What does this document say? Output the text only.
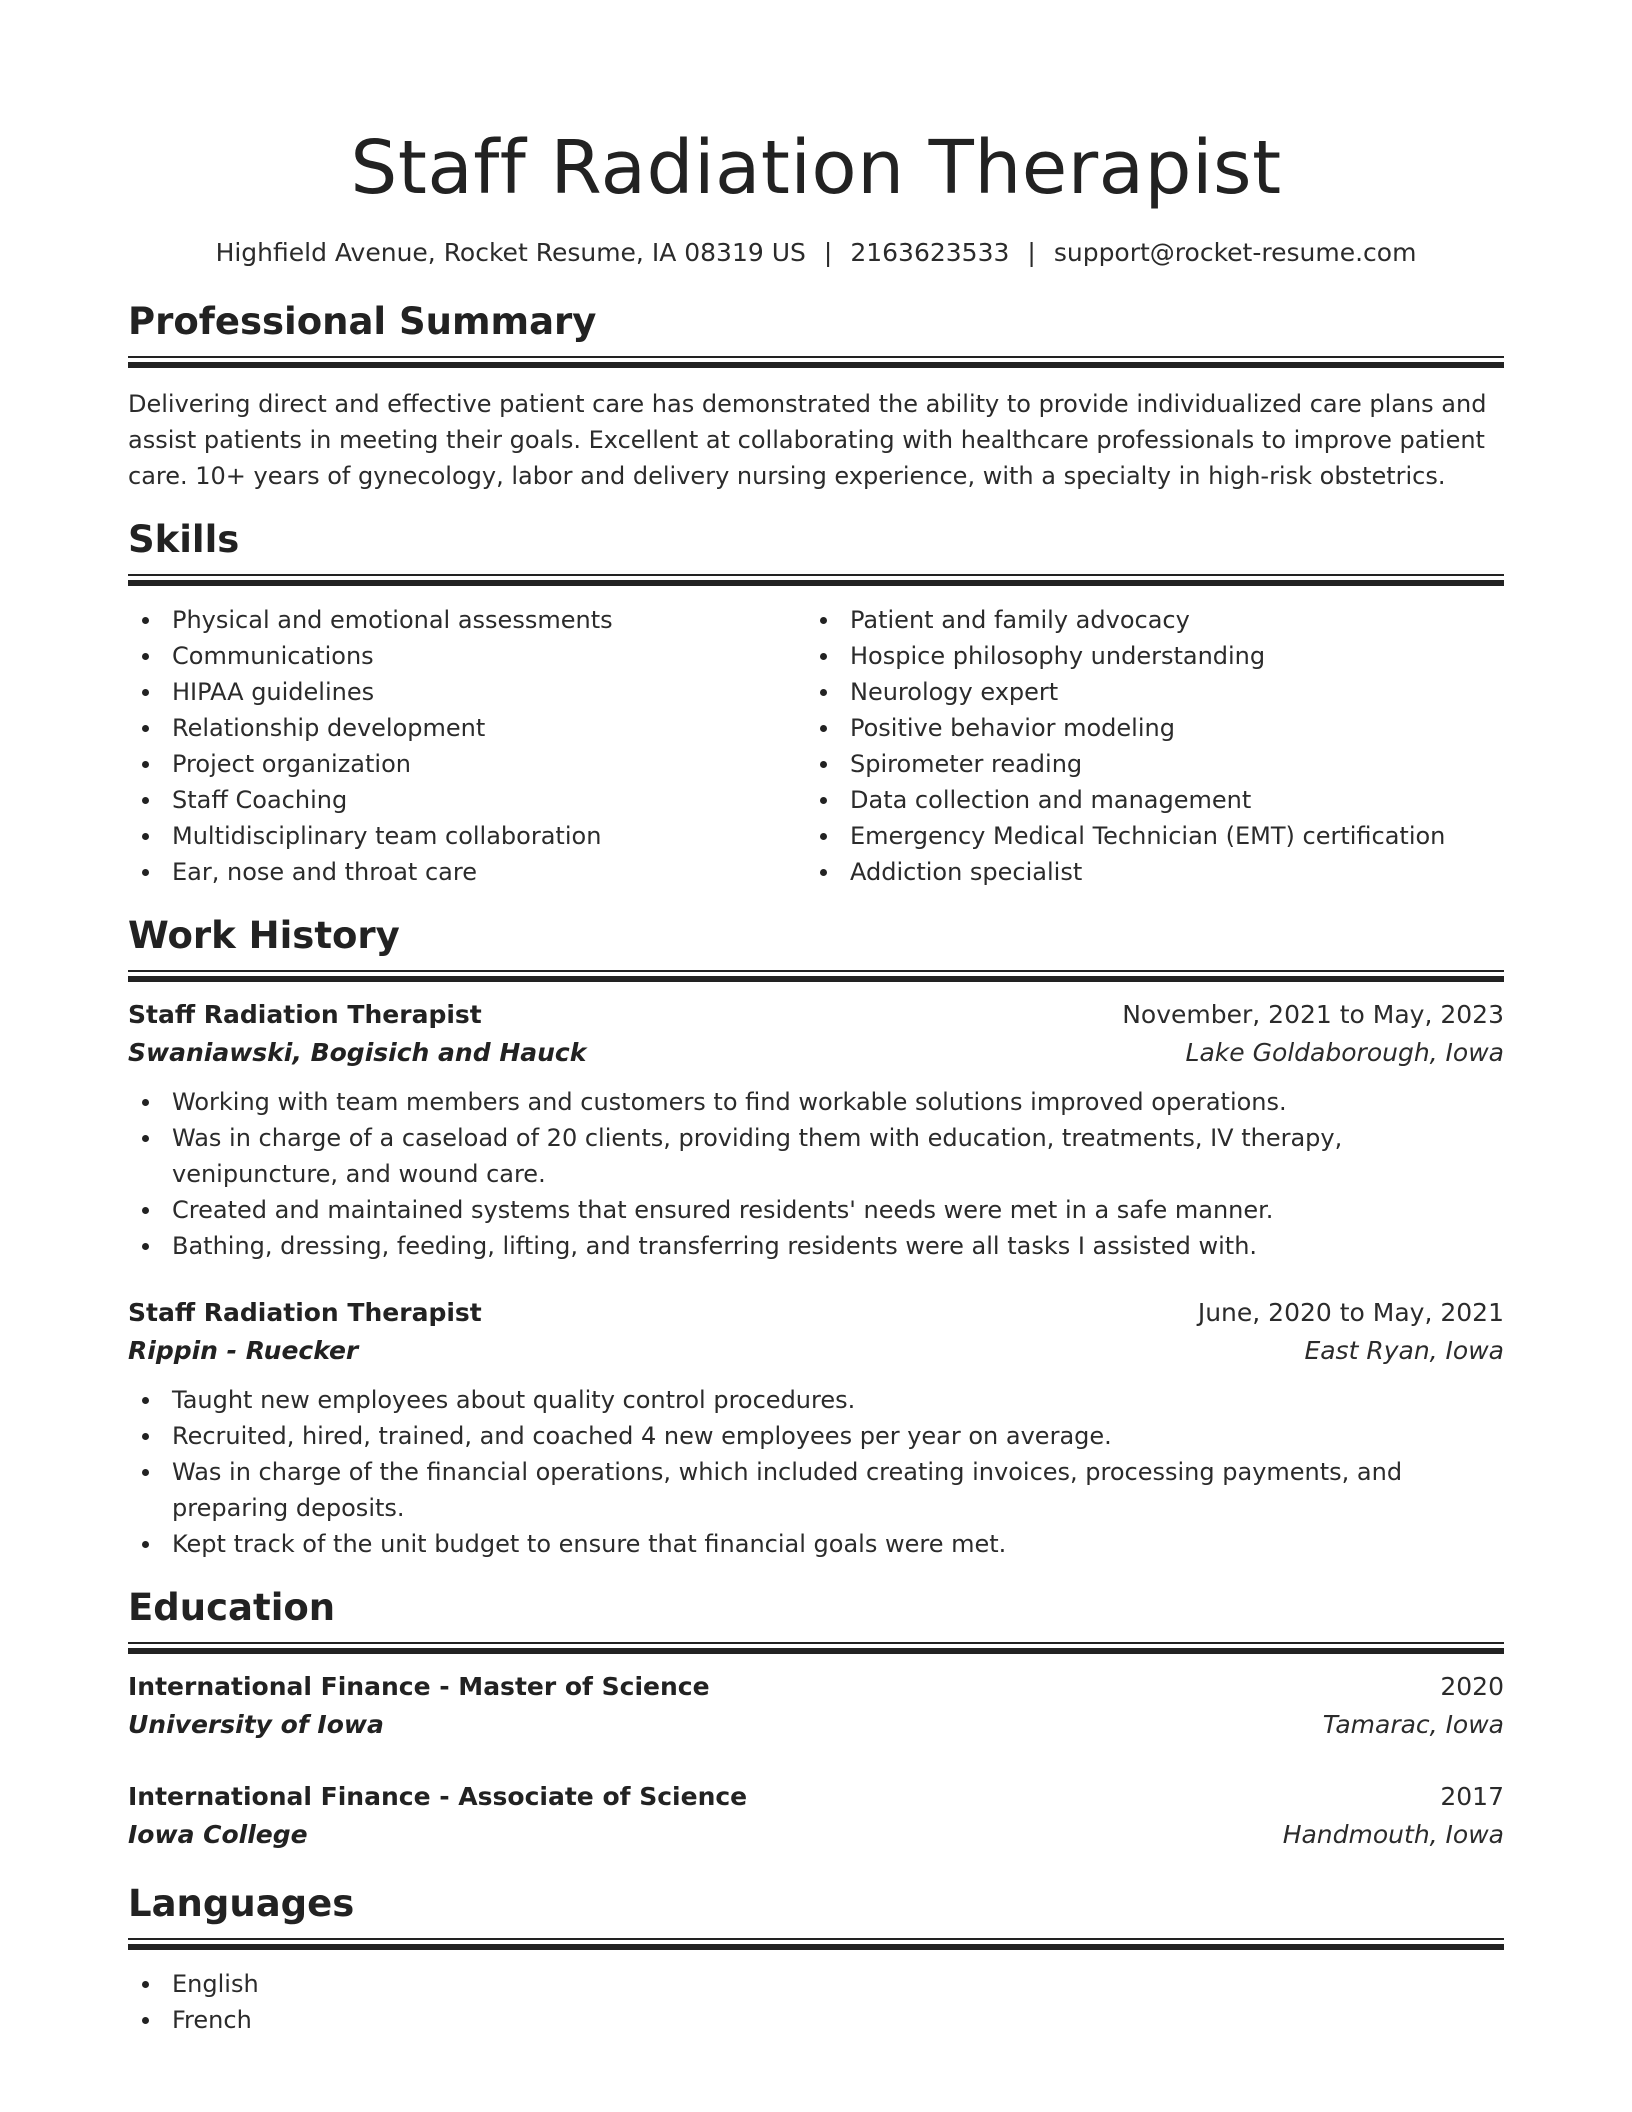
Staff Radiation Therapist
Highfield Avenue, Rocket Resume, IA 08319 US | 2163623533 | support@rocket-resume.com
Professional Summary

Delivering direct and effective patient care has demonstrated the ability to provide individualized care plans and assist patients in meeting their goals. Excellent at collaborating with healthcare professionals to improve patient care. 10+ years of gynecology, labor and delivery nursing experience, with a specialty in high-risk obstetrics.

Skills
Physical and emotional assessments
Communications
HIPAA guidelines
Relationship development
Project organization
Staff Coaching
Multidisciplinary team collaboration
Ear, nose and throat care
Patient and family advocacy
Hospice philosophy understanding
Neurology expert
Positive behavior modeling
Spirometer reading
Data collection and management
Emergency Medical Technician (EMT) certification
Addiction specialist
Work History
Staff Radiation Therapist	November, 2021 to May, 2023
Swaniawski, Bogisich and Hauck	Lake Goldaborough, Iowa
Working with team members and customers to find workable solutions improved operations.
Was in charge of a caseload of 20 clients, providing them with education, treatments, IV therapy, venipuncture, and wound care.
Created and maintained systems that ensured residents' needs were met in a safe manner.
Bathing, dressing, feeding, lifting, and transferring residents were all tasks I assisted with.
Staff Radiation Therapist	June, 2020 to May, 2021
Rippin - Ruecker	East Ryan, Iowa
Taught new employees about quality control procedures.
Recruited, hired, trained, and coached 4 new employees per year on average.
Was in charge of the financial operations, which included creating invoices, processing payments, and preparing deposits.
Kept track of the unit budget to ensure that financial goals were met.
Education
International Finance - Master of Science	2020
University of Iowa	Tamarac, Iowa
International Finance - Associate of Science	2017
Iowa College	Handmouth, Iowa
Languages
English
French
